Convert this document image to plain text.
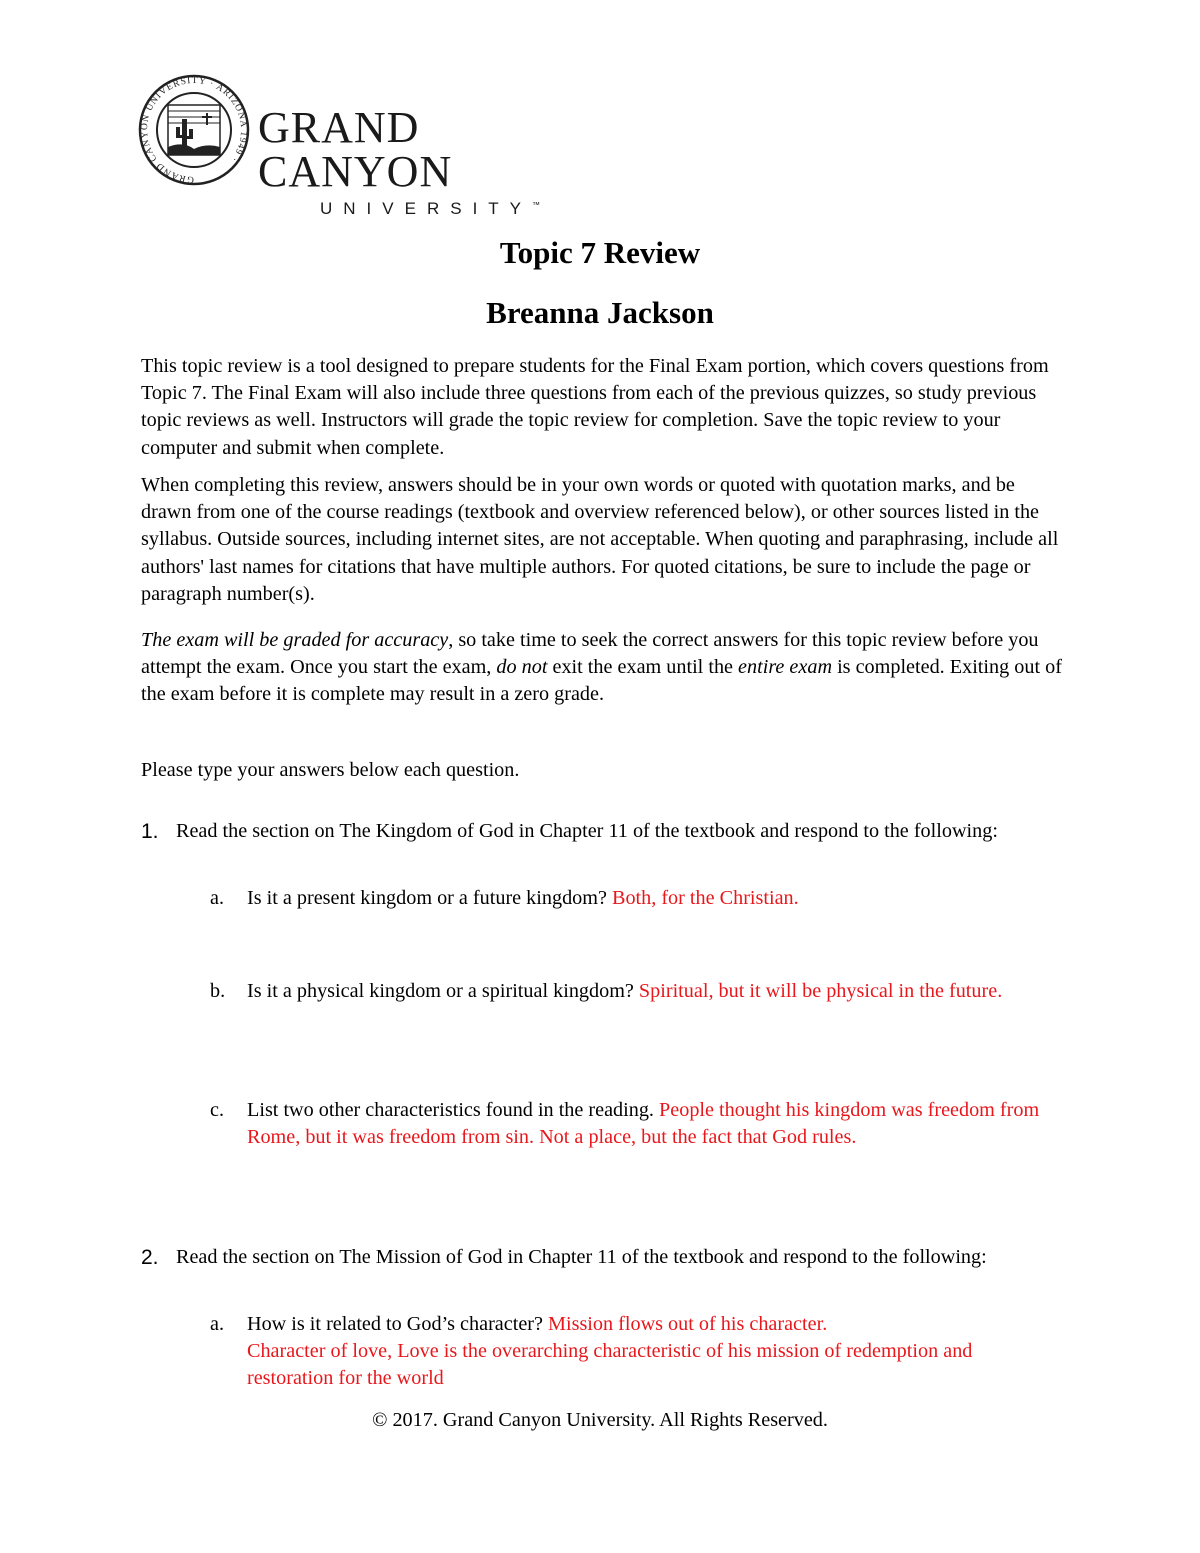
GRAND CANYON UNIVERSITY · ARIZONA 1949 ·
GRAND CANYON
UNIVERSITY™
Topic 7 Review
Breanna Jackson

This topic review is a tool designed to prepare students for the Final Exam portion, which covers questions from Topic 7. The Final Exam will also include three questions from each of the previous quizzes, so study previous topic reviews as well. Instructors will grade the topic review for completion. Save the topic review to your computer and submit when complete.

When completing this review, answers should be in your own words or quoted with quotation marks, and be drawn from one of the course readings (textbook and overview referenced below), or other sources listed in the syllabus. Outside sources, including internet sites, are not acceptable. When quoting and paraphrasing, include all authors' last names for citations that have multiple authors. For quoted citations, be sure to include the page or paragraph number(s).

The exam will be graded for accuracy, so take time to seek the correct answers for this topic review before you attempt the exam. Once you start the exam, do not exit the exam until the entire exam is completed. Exiting out of the exam before it is complete may result in a zero grade.

Please type your answers below each question.

1. Read the section on The Kingdom of God in Chapter 11 of the textbook and respond to the following:
a. Is it a present kingdom or a future kingdom? Both, for the Christian.
b. Is it a physical kingdom or a spiritual kingdom? Spiritual, but it will be physical in the future.
c. List two other characteristics found in the reading. People thought his kingdom was freedom from Rome, but it was freedom from sin. Not a place, but the fact that God rules.
2. Read the section on The Mission of God in Chapter 11 of the textbook and respond to the following:
a. How is it related to God’s character? Mission flows out of his character.
Character of love, Love is the overarching characteristic of his mission of redemption and restoration for the world
© 2017. Grand Canyon University. All Rights Reserved.
